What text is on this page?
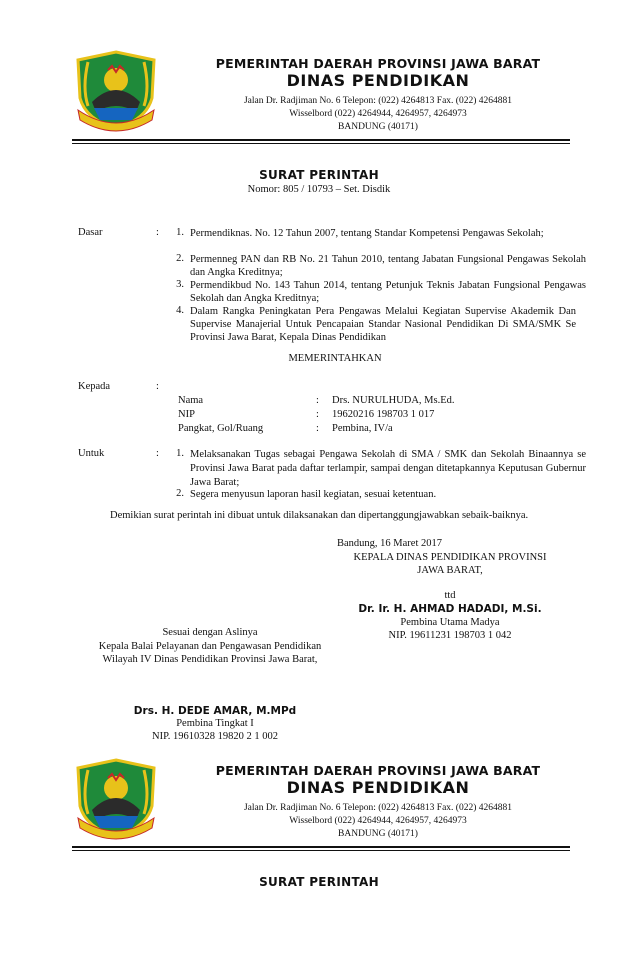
PEMERINTAH DAERAH PROVINSI JAWA BARAT
DINAS PENDIDIKAN
Jalan Dr. Radjiman No. 6 Telepon: (022) 4264813 Fax. (022) 4264881
Wisselbord (022) 4264944, 4264957, 4264973
BANDUNG (40171)
SURAT PERINTAH
Nomor: 805 / 10793 – Set. Disdik
Dasar	:	1. Permendiknas. No. 12 Tahun 2007, tentang Standar Kompetensi Pengawas Sekolah;
2. Permenneg PAN dan RB No. 21 Tahun 2010, tentang Jabatan Fungsional Pengawas Sekolah dan Angka Kreditnya;
3. Permendikbud No. 143 Tahun 2014, tentang Petunjuk Teknis Jabatan Fungsional Pengawas Sekolah dan Angka Kreditnya;
4. Dalam Rangka Peningkatan Pera Pengawas Melalui Kegiatan Supervise Akademik Dan Supervise Manajerial Untuk Pencapaian Standar Nasional Pendidikan Di SMA/SMK Se Provinsi Jawa Barat, Kepala Dinas Pendidikan
MEMERINTAHKAN
Kepada	:
Nama	: Drs. NURULHUDA, Ms.Ed.
NIP	: 19620216 198703 1 017
Pangkat, Gol/Ruang	: Pembina, IV/a
Untuk	:	1. Melaksanakan Tugas sebagai Pengawa Sekolah di SMA / SMK dan Sekolah Binaannya se Provinsi Jawa Barat pada daftar terlampir, sampai dengan ditetapkannya Keputusan Gubernur Jawa Barat;
2. Segera menyusun laporan hasil kegiatan, sesuai ketentuan.
Demikian surat perintah ini dibuat untuk dilaksanakan dan dipertanggungjawabkan sebaik-baiknya.
Bandung, 16 Maret 2017
KEPALA DINAS PENDIDIKAN PROVINSI
JAWA BARAT,
ttd
Dr. Ir. H. AHMAD HADADI, M.Si.
Pembina Utama Madya
NIP. 19611231 198703 1 042
Sesuai dengan Aslinya
Kepala Balai Pelayanan dan Pengawasan Pendidikan
Wilayah IV Dinas Pendidikan Provinsi Jawa Barat,
Drs. H. DEDE AMAR, M.MPd
Pembina Tingkat I
NIP. 19610328 19820 2 1 002
PEMERINTAH DAERAH PROVINSI JAWA BARAT
DINAS PENDIDIKAN
Jalan Dr. Radjiman No. 6 Telepon: (022) 4264813 Fax. (022) 4264881
Wisselbord (022) 4264944, 4264957, 4264973
BANDUNG (40171)
SURAT PERINTAH
